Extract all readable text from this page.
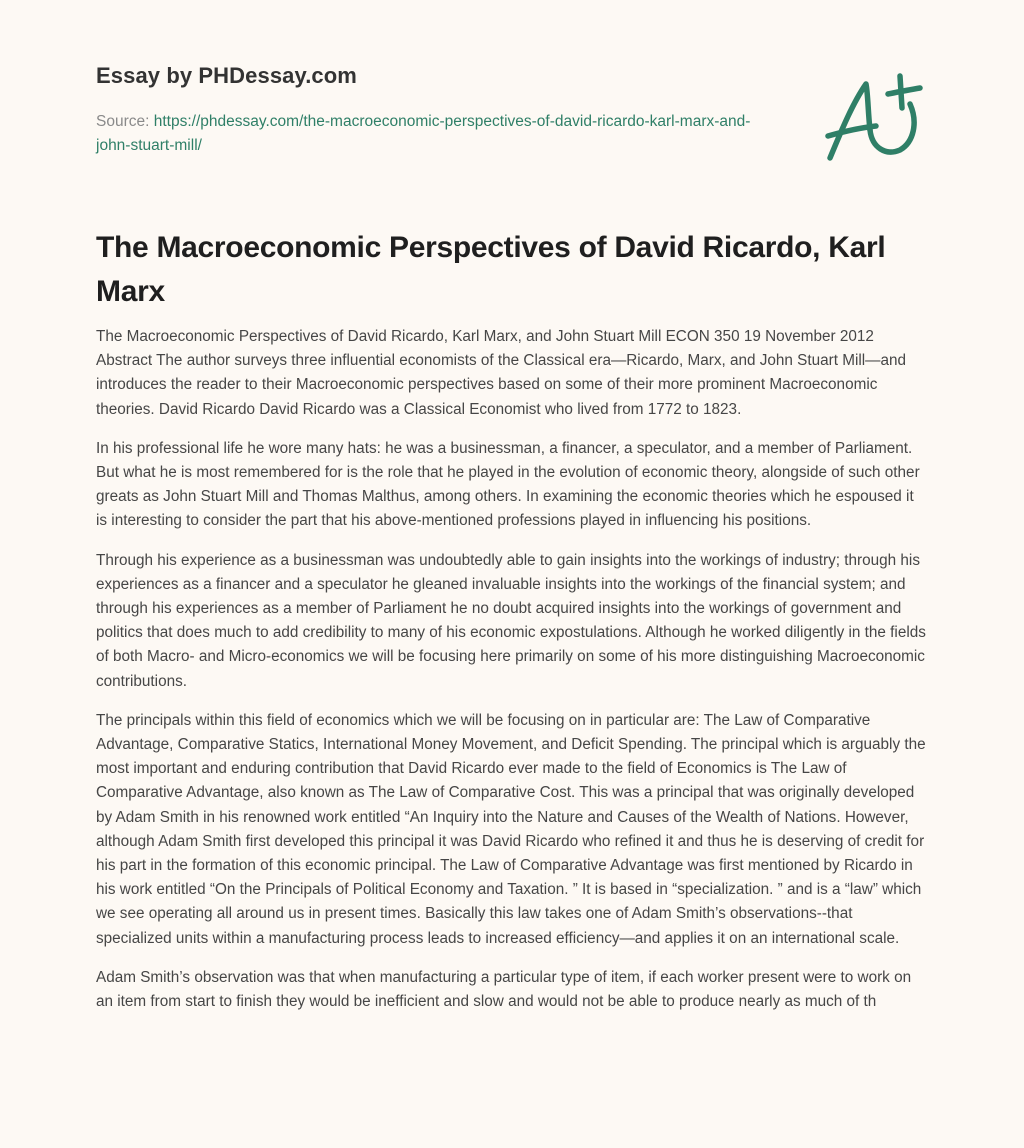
Essay by PHDessay.com
Source: https://phdessay.com/the-macroeconomic-perspectives-of-david-ricardo-karl-marx-and-john-stuart-mill/
The Macroeconomic Perspectives of David Ricardo, Karl Marx

The Macroeconomic Perspectives of David Ricardo, Karl Marx, and John Stuart Mill ECON 350 19 November 2012 Abstract The author surveys three influential economists of the Classical era—Ricardo, Marx, and John Stuart Mill—and introduces the reader to their Macroeconomic perspectives based on some of their more prominent Macroeconomic theories. David Ricardo David Ricardo was a Classical Economist who lived from 1772 to 1823.

In his professional life he wore many hats: he was a businessman, a financer, a speculator, and a member of Parliament. But what he is most remembered for is the role that he played in the evolution of economic theory, alongside of such other greats as John Stuart Mill and Thomas Malthus, among others. In examining the economic theories which he espoused it is interesting to consider the part that his above-mentioned professions played in influencing his positions.

Through his experience as a businessman was undoubtedly able to gain insights into the workings of industry; through his experiences as a financer and a speculator he gleaned invaluable insights into the workings of the financial system; and through his experiences as a member of Parliament he no doubt acquired insights into the workings of government and politics that does much to add credibility to many of his economic expostulations. Although he worked diligently in the fields of both Macro- and Micro-economics we will be focusing here primarily on some of his more distinguishing Macroeconomic contributions.

The principals within this field of economics which we will be focusing on in particular are: The Law of Comparative Advantage, Comparative Statics, International Money Movement, and Deficit Spending. The principal which is arguably the most important and enduring contribution that David Ricardo ever made to the field of Economics is The Law of Comparative Advantage, also known as The Law of Comparative Cost. This was a principal that was originally developed by Adam Smith in his renowned work entitled “An Inquiry into the Nature and Causes of the Wealth of Nations. However, although Adam Smith first developed this principal it was David Ricardo who refined it and thus he is deserving of credit for his part in the formation of this economic principal. The Law of Comparative Advantage was first mentioned by Ricardo in his work entitled “On the Principals of Political Economy and Taxation. ” It is based in “specialization. ” and is a “law” which we see operating all around us in present times. Basically this law takes one of Adam Smith’s observations--that specialized units within a manufacturing process leads to increased efficiency—and applies it on an international scale.

Adam Smith’s observation was that when manufacturing a particular type of item, if each worker present were to work on an item from start to finish they would be inefficient and slow and would not be able to produce nearly as much of th
